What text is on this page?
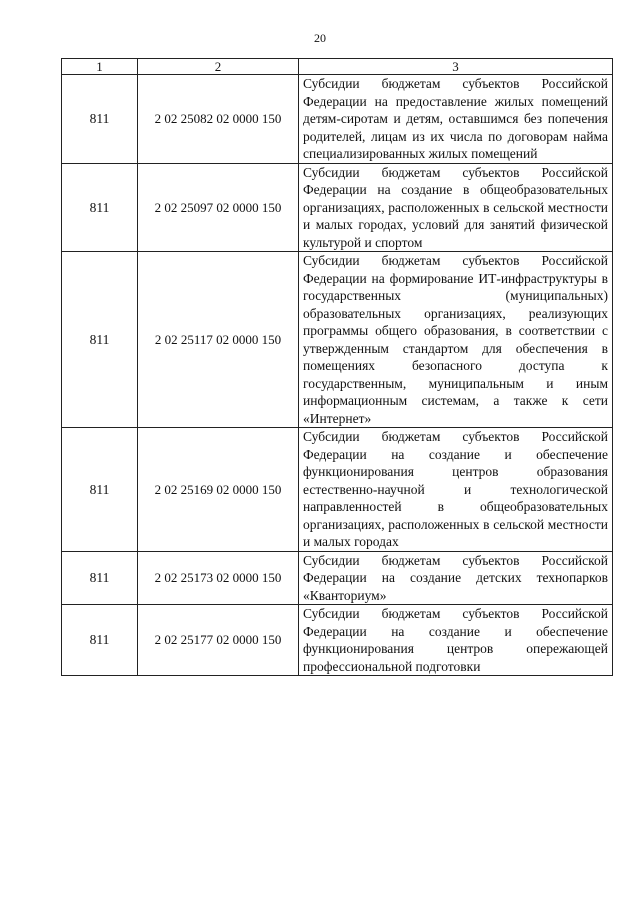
20
1	2	3
811	2 02 25082 02 0000 150	Субсидии бюджетам субъектов Российской Федерации на предоставление жилых помещений детям-сиротам и детям, оставшимся без попечения родителей, лицам из их числа по договорам найма специализированных жилых помещений
811	2 02 25097 02 0000 150	Субсидии бюджетам субъектов Российской Федерации на создание в общеобразовательных организациях, расположенных в сельской местности и малых городах, условий для занятий физической культурой и спортом
811	2 02 25117 02 0000 150	Субсидии бюджетам субъектов Российской Федерации на формирование ИТ-инфраструктуры в государственных (муниципальных) образовательных организациях, реализующих программы общего образования, в соответствии с утвержденным стандартом для обеспечения в помещениях безопасного доступа к государственным, муниципальным и иным информационным системам, а также к сети «Интернет»
811	2 02 25169 02 0000 150	Субсидии бюджетам субъектов Российской Федерации на создание и обеспечение функционирования центров образования естественно-научной и технологической направленностей в общеобразовательных организациях, расположенных в сельской местности и малых городах
811	2 02 25173 02 0000 150	Субсидии бюджетам субъектов Российской Федерации на создание детских технопарков «Кванториум»
811	2 02 25177 02 0000 150	Субсидии бюджетам субъектов Российской Федерации на создание и обеспечение функционирования центров опережающей профессиональной подготовки
